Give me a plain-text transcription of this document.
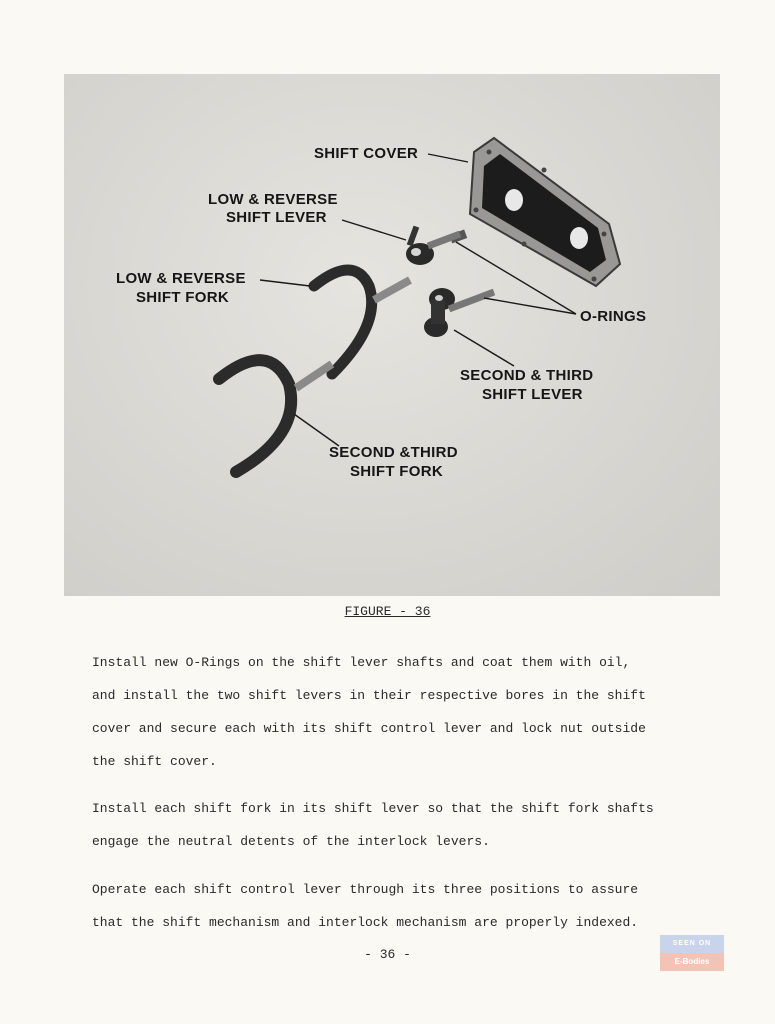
SHIFT COVER
LOW & REVERSE
SHIFT LEVER
LOW & REVERSE
SHIFT FORK
O-RINGS
SECOND & THIRD
SHIFT LEVER
SECOND &THIRD
SHIFT FORK
FIGURE - 36
Install new O-Rings on the shift lever shafts and coat them with oil,
and install the two shift levers in their respective bores in the shift
cover and secure each with its shift control lever and lock nut outside
the shift cover.
Install each shift fork in its shift lever so that the shift fork shafts
engage the neutral detents of the interlock levers.
Operate each shift control lever through its three positions to assure
that the shift mechanism and interlock mechanism are properly indexed.
- 36 -
SEEN ON
E-Bodies
